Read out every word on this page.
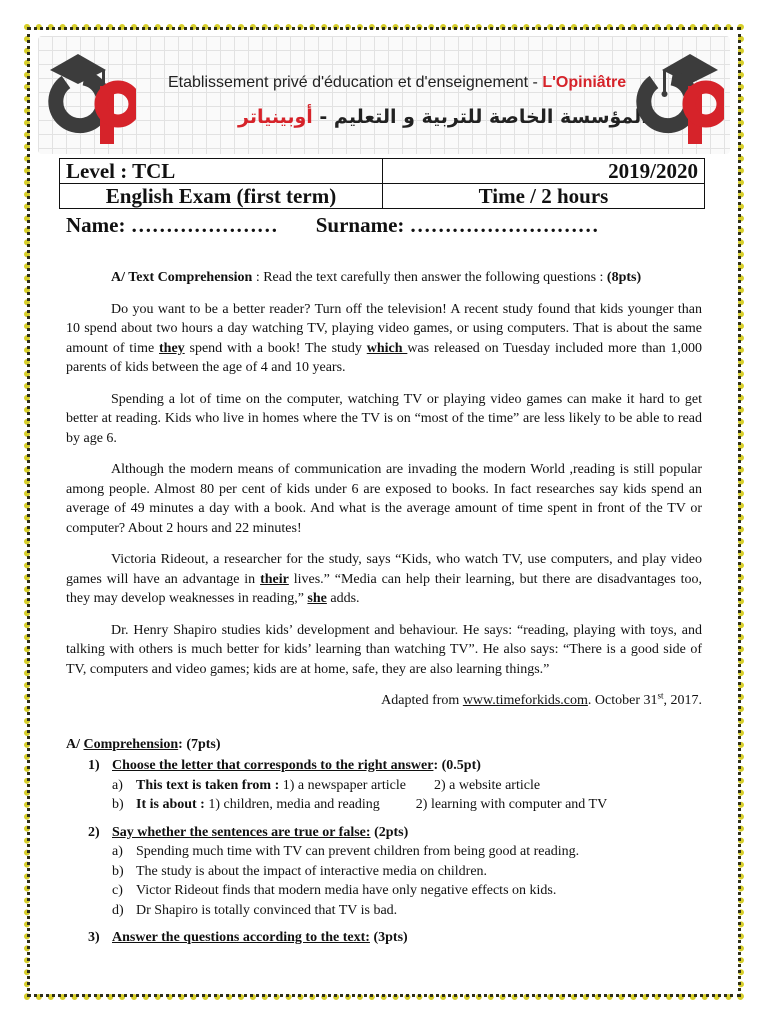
Etablissement privé d'éducation et d'enseignement - L'Opiniâtre
المؤسسة الخاصة للتربية و التعليم - أوبينياتر
Level : TCL	2019/2020
English Exam (first term)	Time / 2 hours
Name: ………………… Surname: ………………………

A/ Text Comprehension : Read the text carefully then answer the following questions : (8pts)

Do you want to be a better reader? Turn off the television! A recent study found that kids younger than 10 spend about two hours a day watching TV, playing video games, or using computers. That is about the same amount of time they spend with a book! The study which was released on Tuesday included more than 1,000 parents of kids between the age of 4 and 10 years.

Spending a lot of time on the computer, watching TV or playing video games can make it hard to get better at reading. Kids who live in homes where the TV is on “most of the time” are less likely to be able to read by age 6.

Although the modern means of communication are invading the modern World ,reading is still popular among people. Almost 80 per cent of kids under 6 are exposed to books. In fact researches say kids spend an average of 49 minutes a day with a book. And what is the average amount of time spent in front of the TV or computer? About 2 hours and 22 minutes!

Victoria Rideout, a researcher for the study, says “Kids, who watch TV, use computers, and play video games will have an advantage in their lives.” “Media can help their learning, but there are disadvantages too, they may develop weaknesses in reading,” she adds.

Dr. Henry Shapiro studies kids’ development and behaviour. He says: “reading, playing with toys, and talking with others is much better for kids’ learning than watching TV”. He also says: “There is a good side of TV, computers and video games; kids are at home, safe, they are also learning things.”

Adapted from www.timeforkids.com. October 31st, 2017.

A/ Comprehension: (7pts)

1) Choose the letter that corresponds to the right answer: (0.5pt)

a) This text is taken from : 1) a newspaper article 2) a website article

b) It is about : 1) children, media and reading	2) learning with computer and TV

2) Say whether the sentences are true or false: (2pts)

a) Spending much time with TV can prevent children from being good at reading.

b) The study is about the impact of interactive media on children.

c) Victor Rideout finds that modern media have only negative effects on kids.

d) Dr Shapiro is totally convinced that TV is bad.

3) Answer the questions according to the text: (3pts)
